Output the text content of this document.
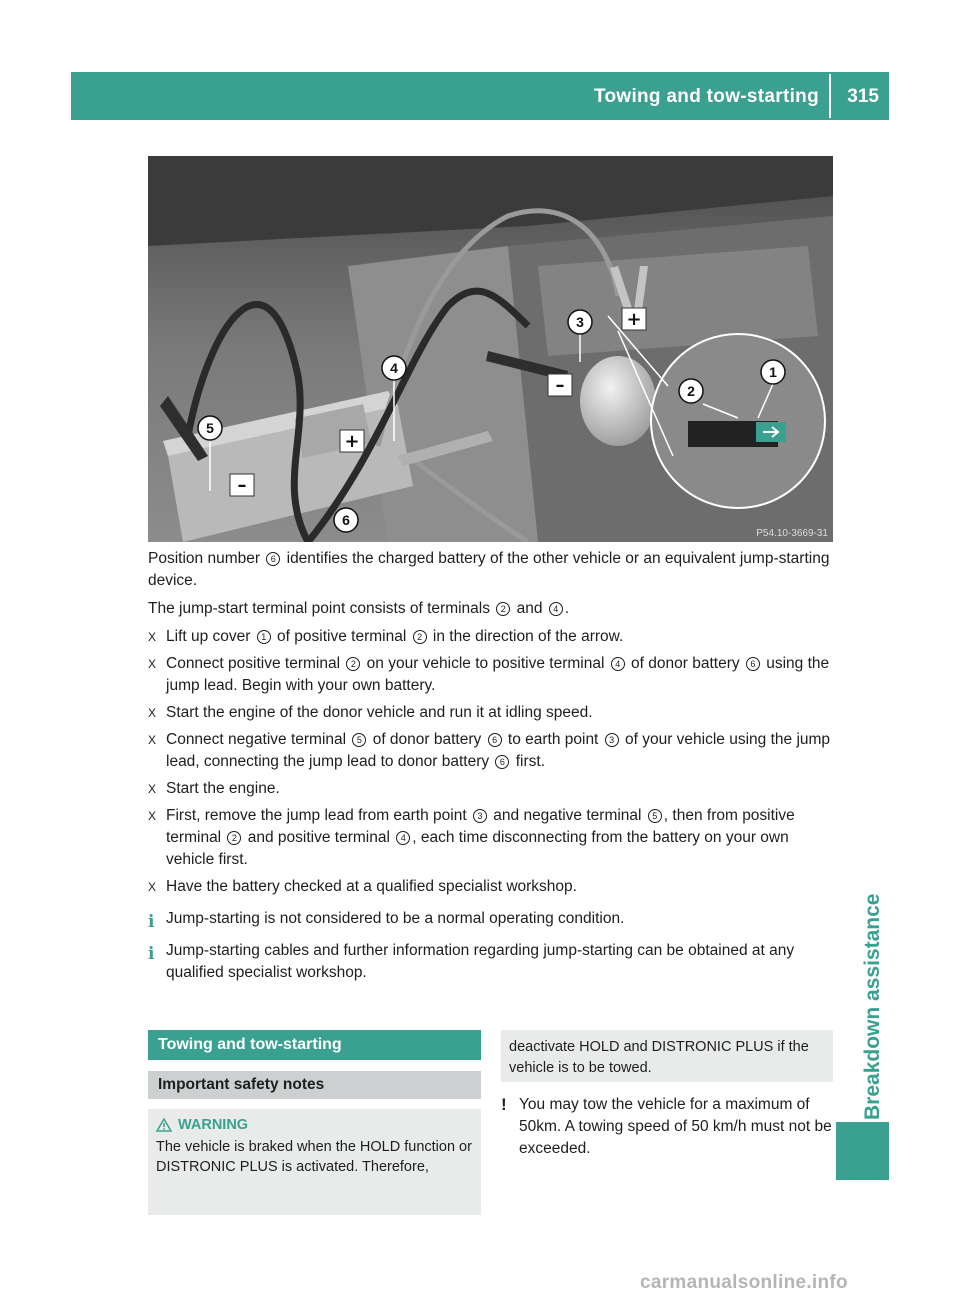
Towing and tow-starting 315
Breakdown assistance
+
–
+
–
1
2
3
4
5
6
P54.10-3669-31

Position number 6 identifies the charged battery of the other vehicle or an equivalent jump-starting device.

The jump-start terminal point consists of terminals 2 and 4 .

X Lift up cover 1 of positive terminal 2 in the direction of the arrow.
X Connect positive terminal 2 on your vehicle to positive terminal 4 of donor battery 6 using the jump lead. Begin with your own battery.
X Start the engine of the donor vehicle and run it at idling speed.
X Connect negative terminal 5 of donor battery 6 to earth point 3 of your vehicle using the jump lead, connecting the jump lead to donor battery 6 first.
X Start the engine.
X First, remove the jump lead from earth point 3 and negative terminal 5 , then from positive terminal 2 and positive terminal 4 , each time disconnecting from the battery on your own vehicle first.
X Have the battery checked at a qualified specialist workshop.
i Jump-starting is not considered to be a normal operating condition.
i Jump-starting cables and further information regarding jump-starting can be obtained at any qualified specialist workshop.
Towing and tow-starting
Important safety notes
WARNING
The vehicle is braked when the HOLD function or DISTRONIC PLUS is activated. Therefore,
deactivate HOLD and DISTRONIC PLUS if the vehicle is to be towed.
! You may tow the vehicle for a maximum of 50km. A towing speed of 50 km/h must not be exceeded.
carmanualsonline.info
